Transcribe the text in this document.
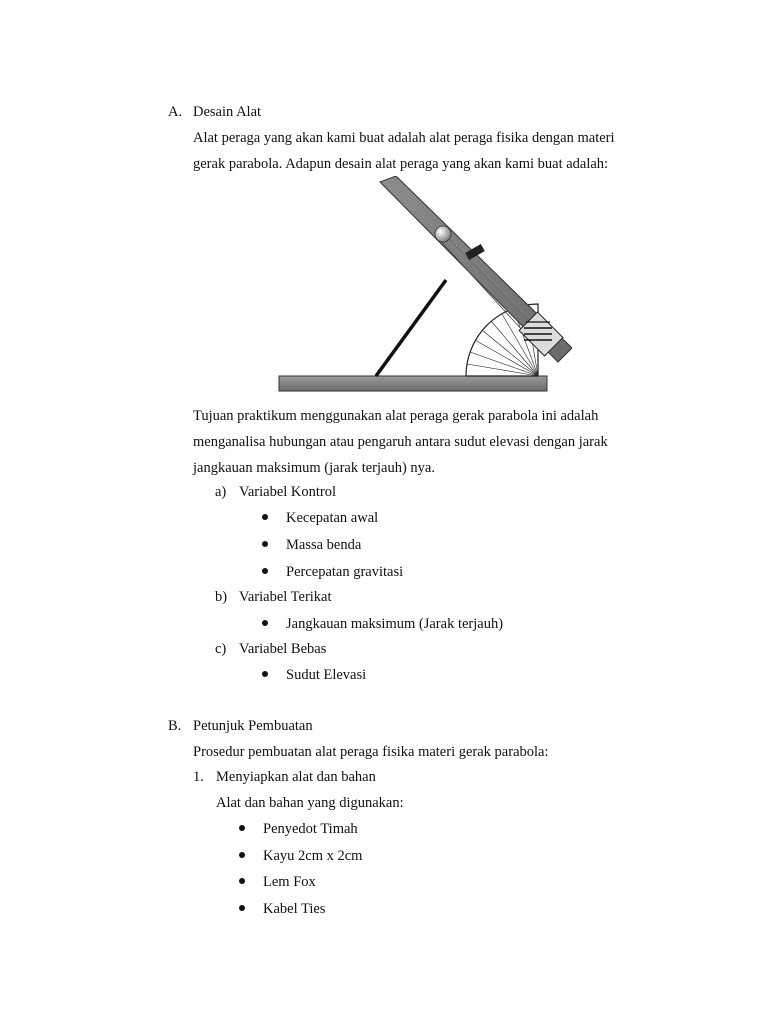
A. Desain Alat
Alat peraga yang akan kami buat adalah alat peraga fisika dengan materi
gerak parabola. Adapun desain alat peraga yang akan kami buat adalah:
Tujuan praktikum menggunakan alat peraga gerak parabola ini adalah
menganalisa hubungan atau pengaruh antara sudut elevasi dengan jarak
jangkauan maksimum (jarak terjauh) nya.
a) Variabel Kontrol
Kecepatan awal
Massa benda
Percepatan gravitasi
b) Variabel Terikat
Jangkauan maksimum (Jarak terjauh)
c) Variabel Bebas
Sudut Elevasi
B. Petunjuk Pembuatan
Prosedur pembuatan alat peraga fisika materi gerak parabola:
1. Menyiapkan alat dan bahan
Alat dan bahan yang digunakan:
Penyedot Timah
Kayu 2cm x 2cm
Lem Fox
Kabel Ties
